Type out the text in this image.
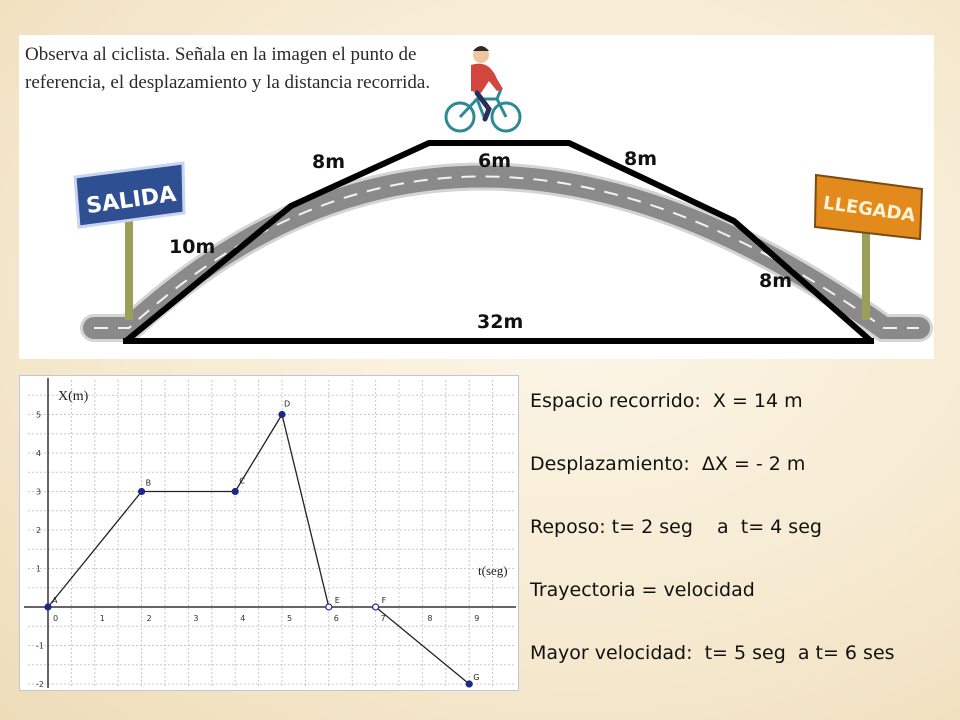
Observa al ciclista. Señala en la imagen el punto de
referencia, el desplazamiento y la distancia recorrida.
SALIDA	LLEGADA
10m
8m	6m	8m
8m
32m
0	1	2	3	4	5	6	7	8	9
-2
-1
1
2
3
4
5
A
B	C
D
E	F
G
X(m)
t(seg)
Espacio recorrido:  X = 14 m
Desplazamiento:  ΔX = - 2 m
Reposo: t= 2 seg    a  t= 4 seg
Trayectoria = velocidad
Mayor velocidad:  t= 5 seg  a t= 6 ses
